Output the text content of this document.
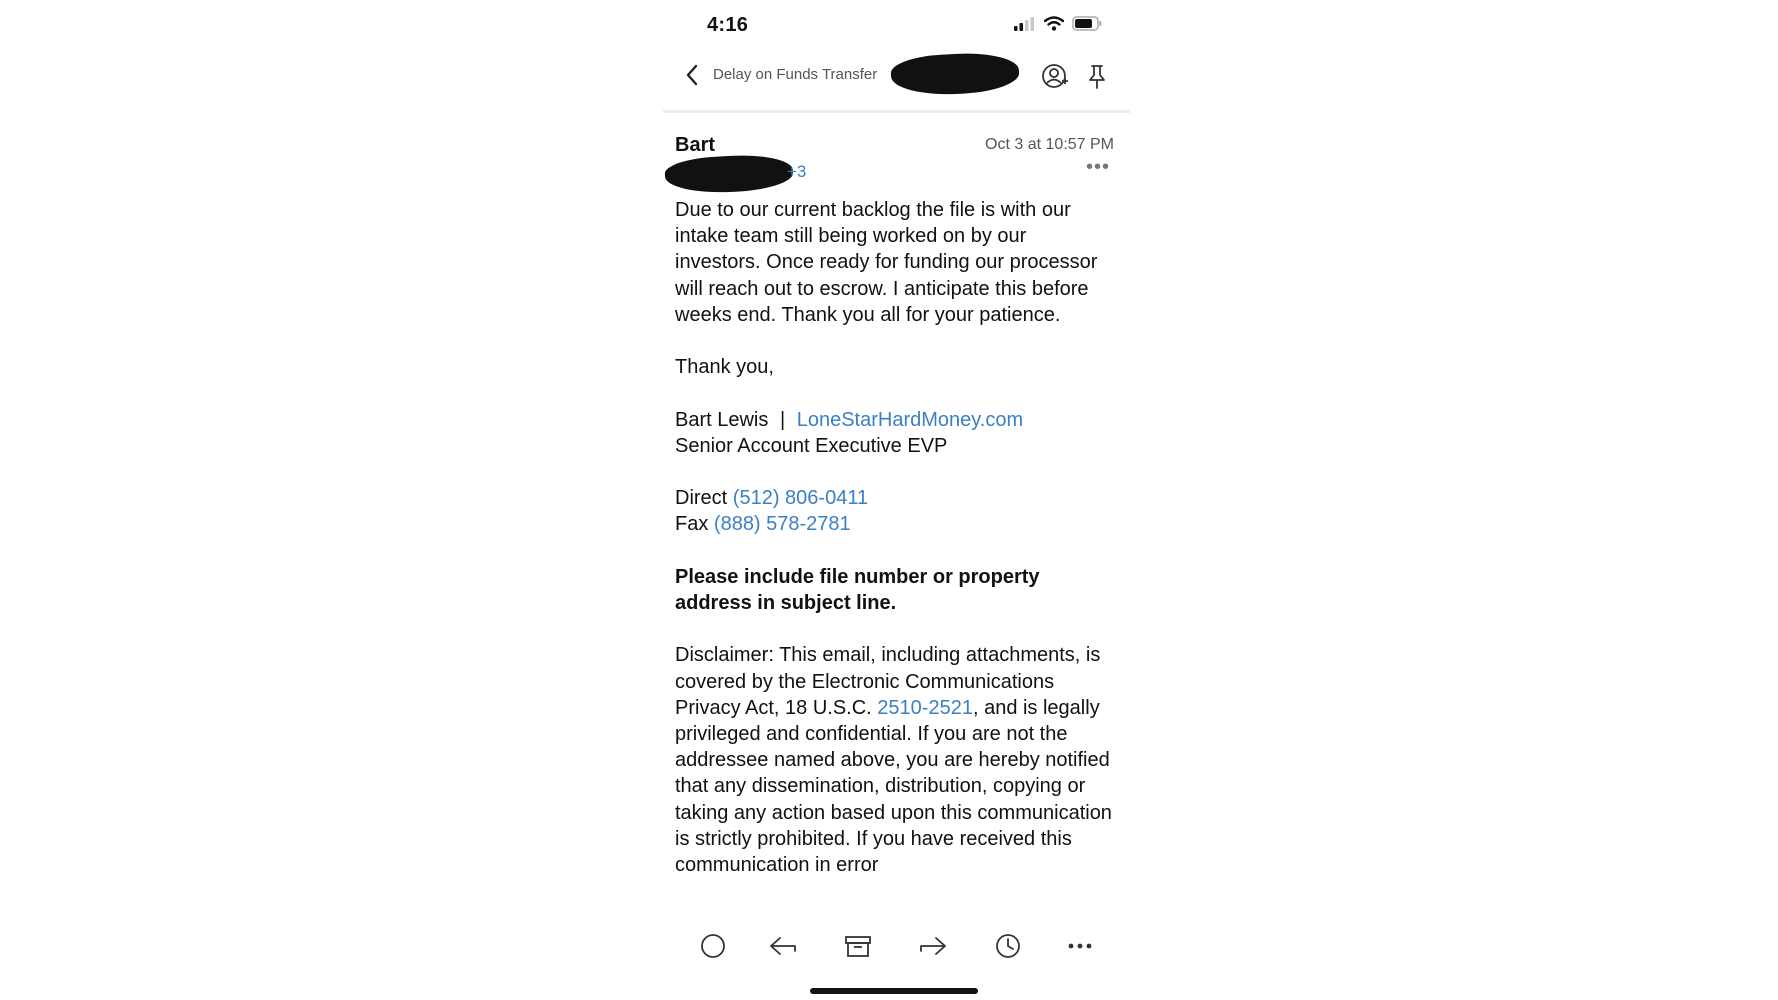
4:16
Delay on Funds Transfer
Bart	Oct 3 at 10:57 PM
+3	•••

Due to our current backlog the file is with our intake team still being worked on by our investors. Once ready for funding our processor will reach out to escrow. I anticipate this before weeks end. Thank you all for your patience.

Thank you,

Bart Lewis | LoneStarHardMoney.com
Senior Account Executive EVP

Direct (512) 806-0411
Fax (888) 578-2781

Please include file number or property address in subject line.

Disclaimer: This email, including attachments, is covered by the Electronic Communications Privacy Act, 18 U.S.C. 2510-2521, and is legally privileged and confidential. If you are not the addressee named above, you are hereby notified that any dissemination, distribution, copying or taking any action based upon this communication is strictly prohibited. If you have received this communication in error
